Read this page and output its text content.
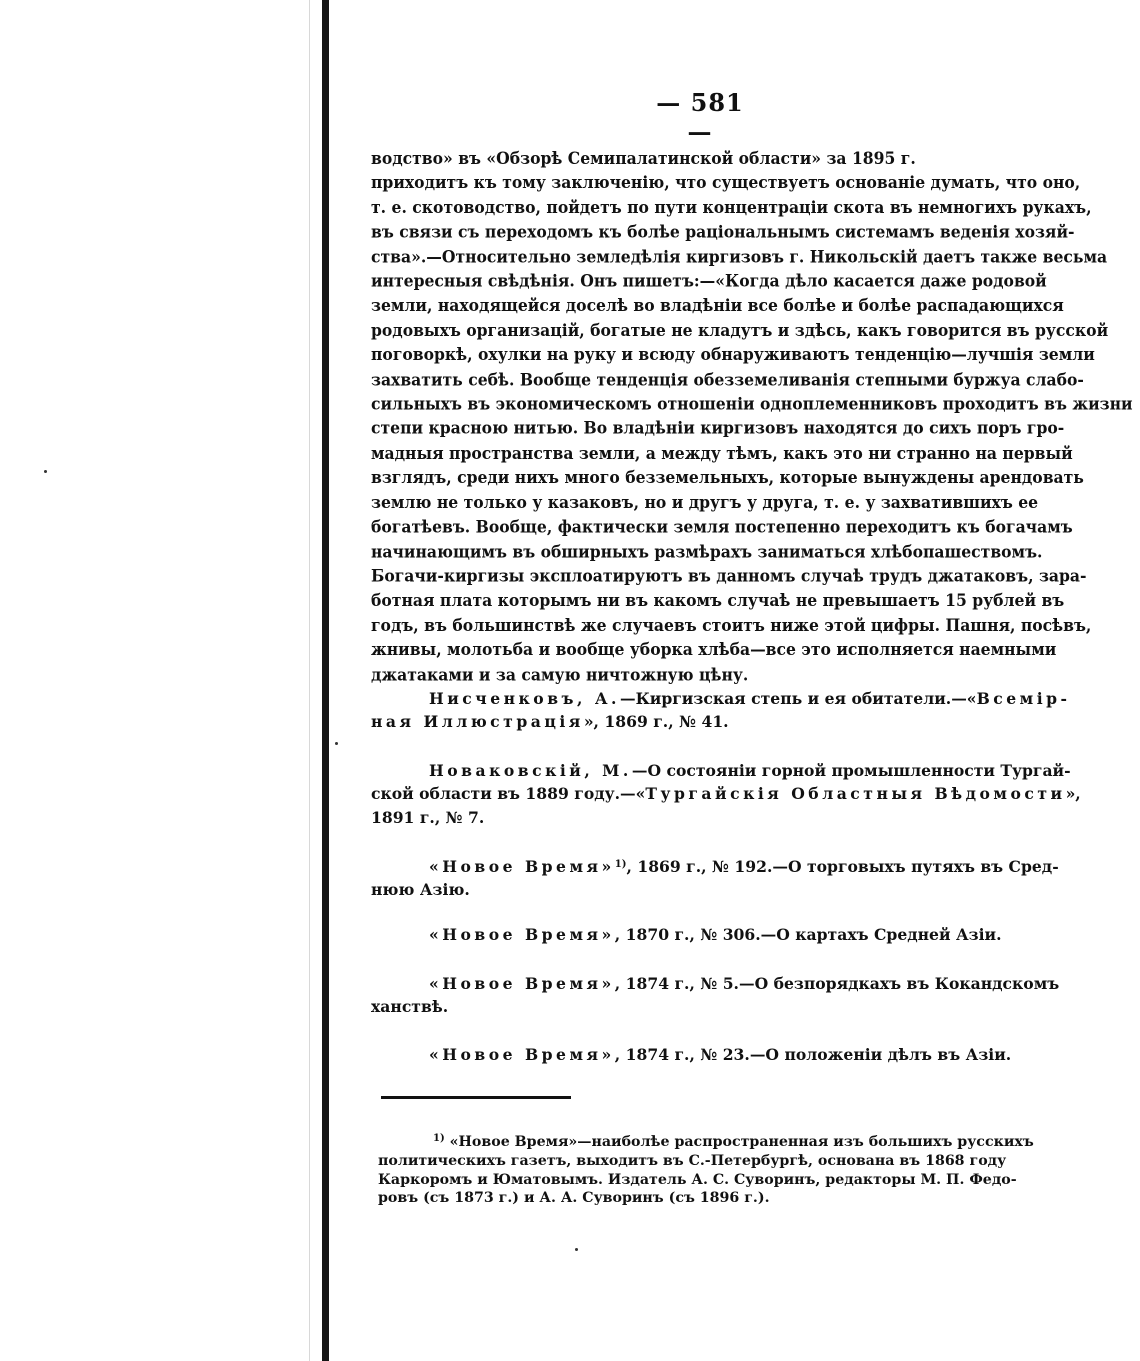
— 581 —
водство» въ «Обзорѣ Семипалатинской области» за 1895 г.
приходитъ къ тому заключенію, что существуетъ основаніе думать, что оно,
т. е. скотоводство, пойдетъ по пути концентраціи скота въ немногихъ рукахъ,
въ связи съ переходомъ къ болѣе раціональнымъ системамъ веденія хозяй-
ства».—Относительно земледѣлія киргизовъ г. Никольскій даетъ также весьма
интересныя свѣдѣнія. Онъ пишетъ:—«Когда дѣло касается даже родовой
земли, находящейся доселѣ во владѣніи все болѣе и болѣе распадающихся
родовыхъ организацій, богатые не кладутъ и здѣсь, какъ говорится въ русской
поговоркѣ, охулки на руку и всюду обнаруживаютъ тенденцію—лучшія земли
захватить себѣ. Вообще тенденція обезземеливанія степными буржуа слабо-
сильныхъ въ экономическомъ отношеніи одноплеменниковъ проходитъ въ жизни
степи красною нитью. Во владѣніи киргизовъ находятся до сихъ поръ гро-
мадныя пространства земли, а между тѣмъ, какъ это ни странно на первый
взглядъ, среди нихъ много безземельныхъ, которые вынуждены арендовать
землю не только у казаковъ, но и другъ у друга, т. е. у захватившихъ ее
богатѣевъ. Вообще, фактически земля постепенно переходитъ къ богачамъ
начинающимъ въ обширныхъ размѣрахъ заниматься хлѣбопашествомъ.
Богачи-киргизы эксплоатируютъ въ данномъ случаѣ трудъ джатаковъ, зара-
ботная плата которымъ ни въ какомъ случаѣ не превышаетъ 15 рублей въ
годъ, въ большинствѣ же случаевъ стоитъ ниже этой цифры. Пашня, посѣвъ,
жнивы, молотьба и вообще уборка хлѣба—все это исполняется наемными
джатаками и за самую ничтожную цѣну.
Нисченковъ, А.—Киргизская степь и ея обитатели.—«Всемір-
ная Иллюстрація», 1869 г., № 41.
Новаковскій, М.—О состояніи горной промышленности Тургай-
ской области въ 1889 году.—«Тургайскія Областныя Вѣдомости»,
1891 г., № 7.
«Новое Время»$^{1)}$, 1869 г., № 192.—О торговыхъ путяхъ въ Сред-
нюю Азію.
«Новое Время», 1870 г., № 306.—О картахъ Средней Азіи.
«Новое Время», 1874 г., № 5.—О безпорядкахъ въ Кокандскомъ
ханствѣ.
«Новое Время», 1874 г., № 23.—О положеніи дѣлъ въ Азіи.
$^{1)}$ «Новое Время»—наиболѣе распространенная изъ большихъ русскихъ
политическихъ газетъ, выходитъ въ С.-Петербургѣ, основана въ 1868 году
Каркоромъ и Юматовымъ. Издатель А. С. Суворинъ, редакторы М. П. Федо-
ровъ (съ 1873 г.) и А. А. Суворинъ (съ 1896 г.).
